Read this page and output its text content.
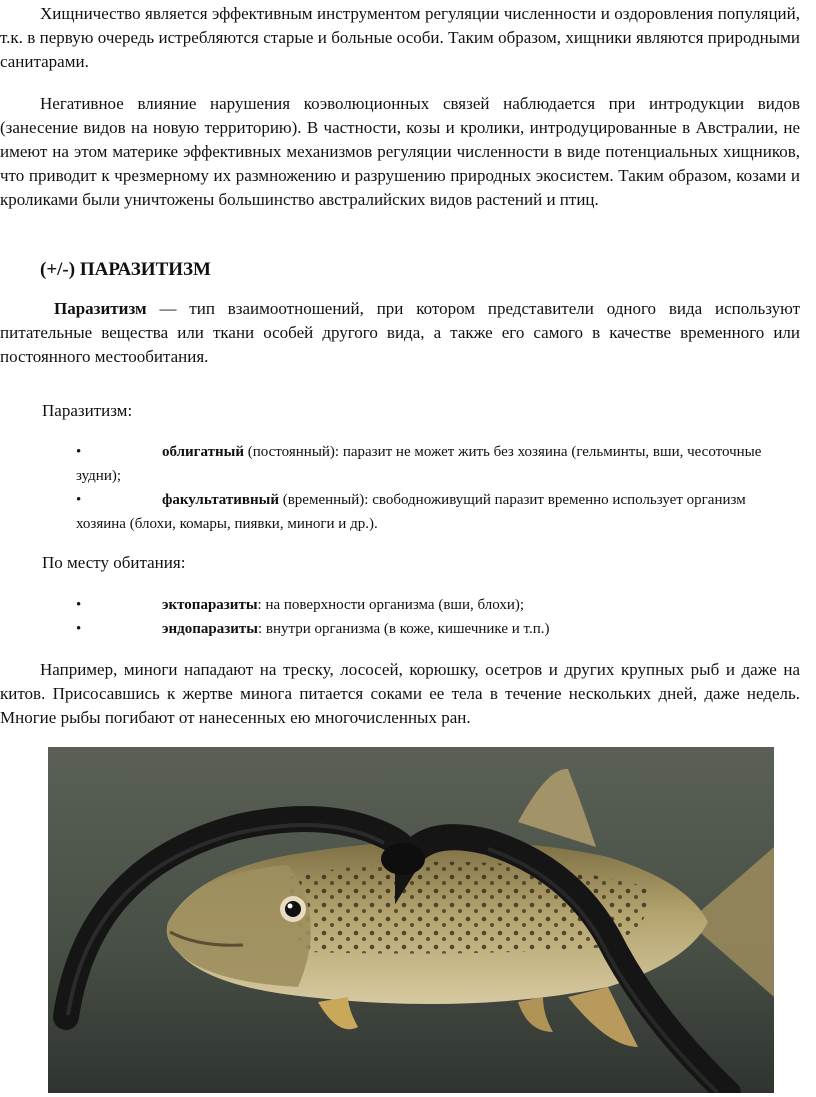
Хищничество является эффективным инструментом регуляции численности и оздоровления популяций, т.к. в первую очередь истребляются старые и больные особи. Таким образом, хищники являются природными санитарами.

Негативное влияние нарушения коэволюционных связей наблюдается при интродукции видов (занесение видов на новую территорию). В частности, козы и кролики, интродуцированные в Австралии, не имеют на этом материке эффективных механизмов регуляции численности в виде потенциальных хищников, что приводит к чрезмерному их размножению и разрушению природных экосистем. Таким образом, козами и кроликами были уничтожены большинство австралийских видов растений и птиц.

(+/-) ПАРАЗИТИЗМ

Паразитизм — тип взаимоотношений, при котором представители одного вида используют питательные вещества или ткани особей другого вида, а также его самого в качестве временного или постоянного местообитания.

Паразитизм:
•	облигатный (постоянный): паразит не может жить без хозяина (гельминты, вши, чесоточные зудни);
•	факультативный (временный): свободноживущий паразит временно использует организм хозяина (блохи, комары, пиявки, миноги и др.).
По месту обитания:
•	эктопаразиты: на поверхности организма (вши, блохи);
•	эндопаразиты: внутри организма (в коже, кишечнике и т.п.)

Например, миноги нападают на треску, лососей, корюшку, осетров и других крупных рыб и даже на китов. Присосавшись к жертве минога питается соками ее тела в течение нескольких дней, даже недель. Многие рыбы погибают от нанесенных ею многочисленных ран.
